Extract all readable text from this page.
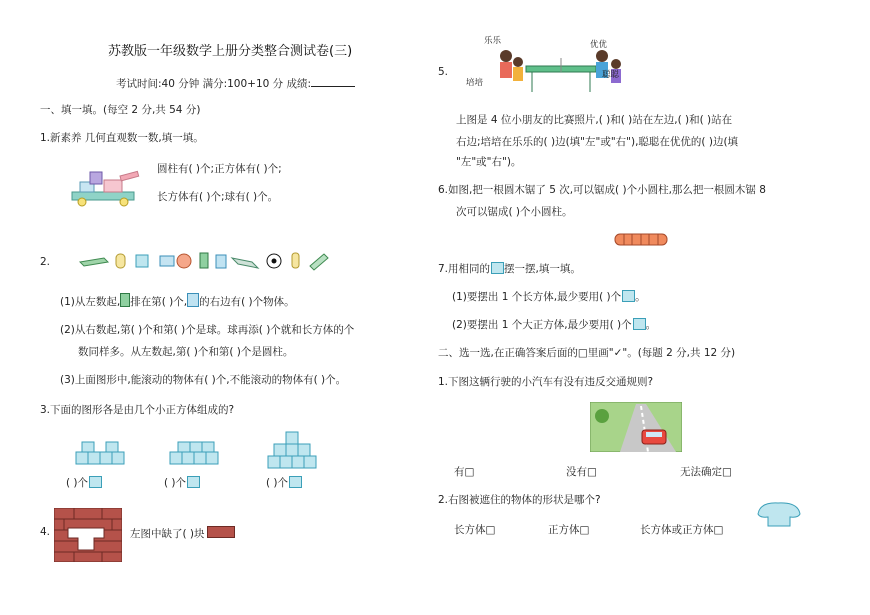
苏教版一年级数学上册分类整合测试卷(三)
考试时间:40 分钟 满分:100+10 分 成绩:
一、填一填。(每空 2 分,共 54 分)
1.新素养 几何直观数一数,填一填。
圆柱有( )个;正方体有( )个;
长方体有( )个;球有( )个。
2.
(1)从左数起, 排在第( )个, 的右边有( )个物体。
(2)从右数起,第( )个和第( )个是球。球再添( )个就和长方体的个
数同样多。从左数起,第( )个和第( )个是圆柱。
(3)上面图形中,能滚动的物体有( )个,不能滚动的物体有( )个。
3.下面的图形各是由几个小正方体组成的?
( )个	( )个	( )个
4.	左图中缺了( )块
5.
乐乐	优优
培培
聪聪
上图是 4 位小朋友的比赛照片,( )和( )站在左边,( )和( )站在
右边;培培在乐乐的( )边(填"左"或"右"),聪聪在优优的( )边(填
"左"或"右")。
6.如图,把一根圆木锯了 5 次,可以锯成( )个小圆柱,那么把一根圆木锯 8
次可以锯成( )个小圆柱。
7.用相同的 摆一摆,填一填。
(1)要摆出 1 个长方体,最少要用( )个 。
(2)要摆出 1 个大正方体,最少要用( )个 。
二、选一选,在正确答案后面的□里画"✓"。(每题 2 分,共 12 分)
1.下图这辆行驶的小汽车有没有违反交通规则?
有□	没有□	无法确定□
2.右图被遮住的物体的形状是哪个?
长方体□	正方体□	长方体或正方体□
